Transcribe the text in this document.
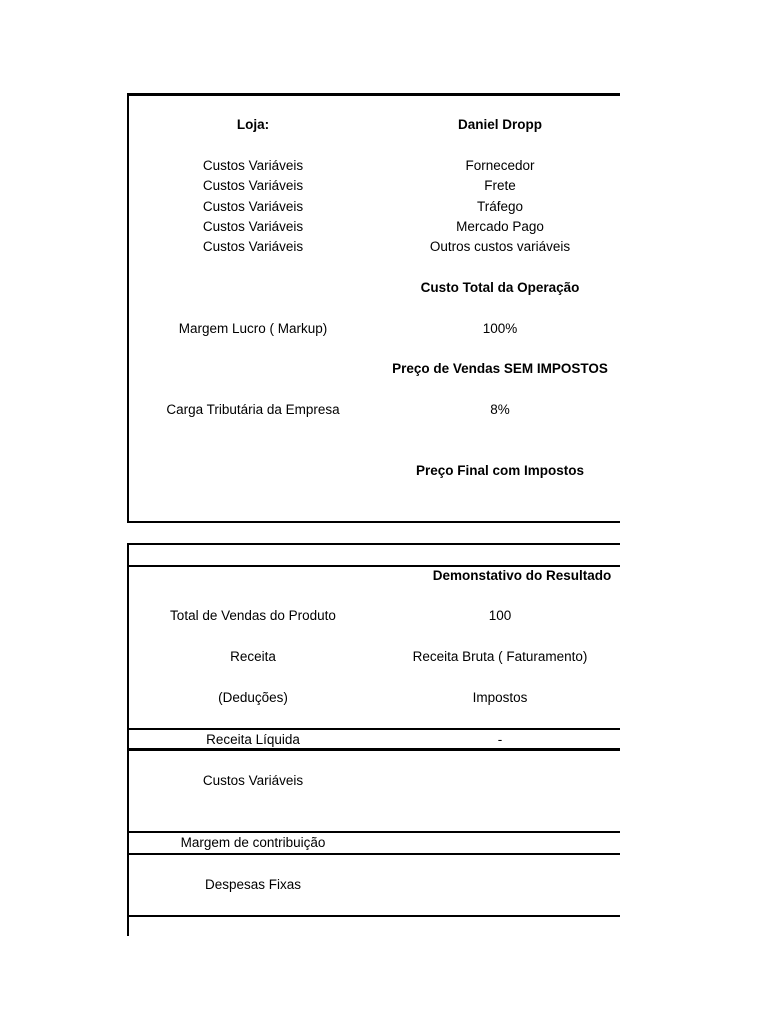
Loja:	Daniel Dropp
Custos Variáveis	Fornecedor
Custos Variáveis	Frete
Custos Variáveis	Tráfego
Custos Variáveis	Mercado Pago
Custos Variáveis	Outros custos variáveis
Custo Total da Operação
Margem Lucro ( Markup)	100%
Preço de Vendas SEM IMPOSTOS
Carga Tributária da Empresa	8%
Preço Final com Impostos
Demonstativo do Resultado
Total de Vendas do Produto	100
Receita	Receita Bruta ( Faturamento)
(Deduções)	Impostos
Receita Líquida	-
Custos Variáveis
Margem de contribuição
Despesas Fixas
